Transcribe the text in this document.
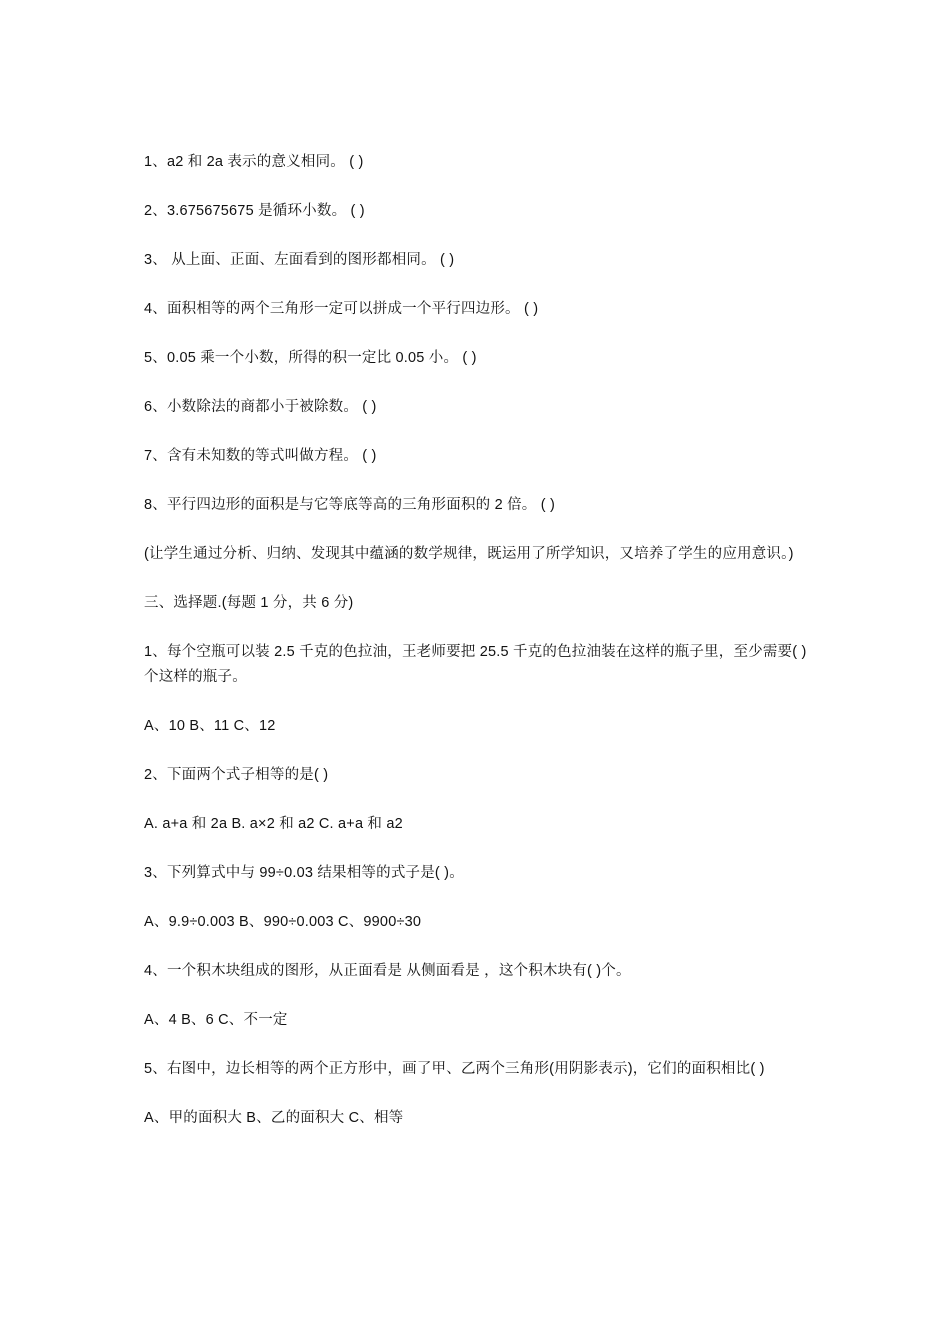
1、a2 和 2a 表示的意义相同。 ( )

2、3.675675675 是循环小数。 ( )

3、 从上面、正面、左面看到的图形都相同。 ( )

4、面积相等的两个三角形一定可以拼成一个平行四边形。 ( )

5、0.05 乘一个小数，所得的积一定比 0.05 小。 ( )

6、小数除法的商都小于被除数。 ( )

7、含有未知数的等式叫做方程。 ( )

8、平行四边形的面积是与它等底等高的三角形面积的 2 倍。 ( )

(让学生通过分析、归纳、发现其中蕴涵的数学规律，既运用了所学知识，又培养了学生的应用意识。)

三、选择题.(每题 1 分，共 6 分)

1、每个空瓶可以装 2.5 千克的色拉油，王老师要把 25.5 千克的色拉油装在这样的瓶子里，至少需要( )个这样的瓶子。

A、10 B、11 C、12

2、下面两个式子相等的是( )

A. a+a 和 2a B. a×2 和 a2 C. a+a 和 a2

3、下列算式中与 99÷0.03 结果相等的式子是( )。

A、9.9÷0.003 B、990÷0.003 C、9900÷30

4、一个积木块组成的图形，从正面看是 从侧面看是 ，这个积木块有( )个。

A、4 B、6 C、不一定

5、右图中，边长相等的两个正方形中，画了甲、乙两个三角形(用阴影表示)，它们的面积相比( )

A、甲的面积大 B、乙的面积大 C、相等
